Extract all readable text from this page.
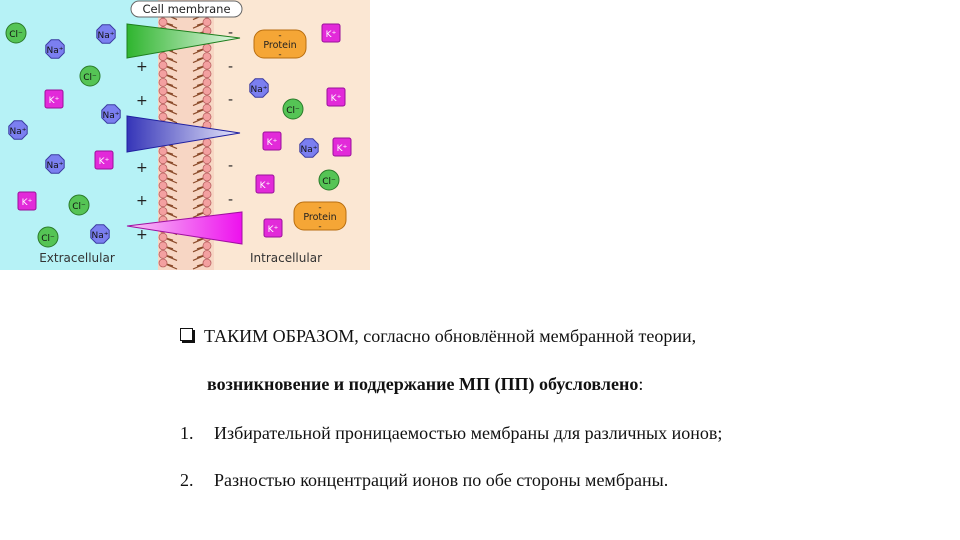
+
+
+
+
+
-
-
-
-
-
Cl⁻	Na⁺
Na⁺
Cl⁻
K⁺
Na⁺
Na⁺
Na⁺	K⁺
K⁺	Cl⁻
Cl⁻	Na⁺
K⁺
Na⁺
Cl⁻
K⁺
K⁺
Na⁺ K⁺
K⁺	Cl⁻
K⁺
Protein
-
-
Protein
-
-
Cell membrane
Extracellular	Intracellular
ТАКИМ ОБРАЗОМ, согласно обновлённой мембранной теории,
возникновение и поддержание МП (ПП) обусловлено:
1. Избирательной проницаемостью мембраны для различных ионов;
2. Разностью концентраций ионов по обе стороны мембраны.
